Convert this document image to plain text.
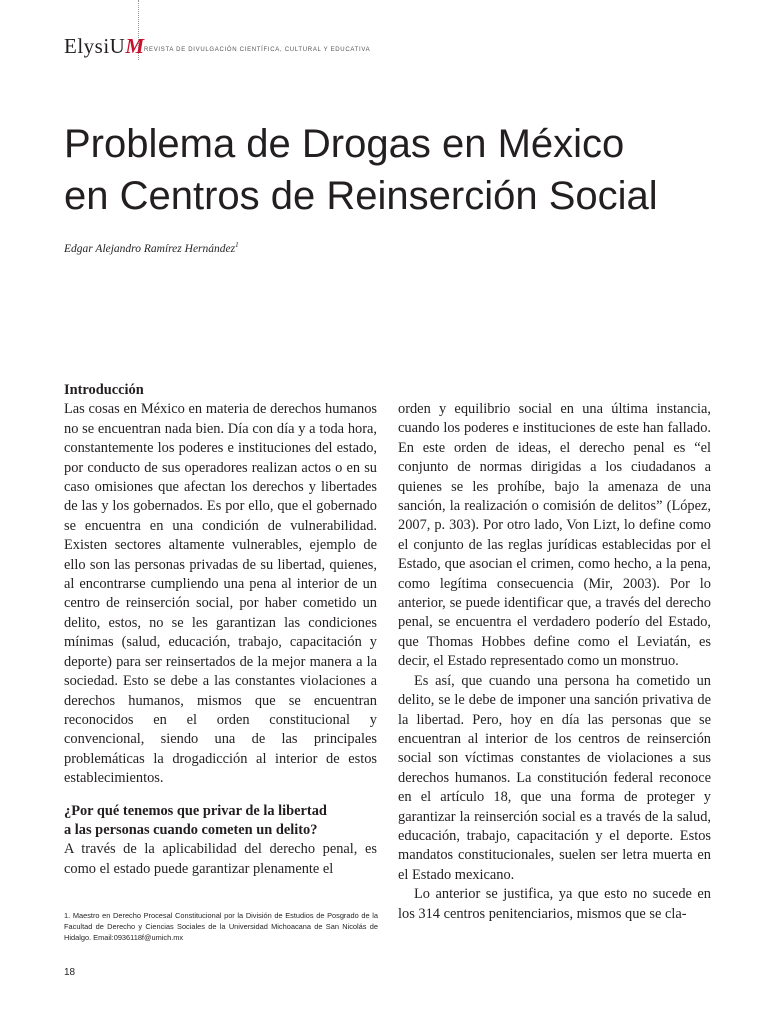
ElysiUM REVISTA DE DIVULGACIÓN CIENTÍFICA, CULTURAL Y EDUCATIVA
Problema de Drogas en México
en Centros de Reinserción Social
Edgar Alejandro Ramírez Hernández$^1$

Introducción

Las cosas en México en materia de derechos humanos no se encuentran nada bien. Día con día y a toda hora, constantemente los poderes e instituciones del estado, por conducto de sus operadores realizan actos o en su caso omisiones que afectan los derechos y libertades de las y los gobernados. Es por ello, que el gobernado se encuentra en una condición de vulnerabilidad. Existen sectores altamente vulnerables, ejemplo de ello son las personas privadas de su libertad, quienes, al encontrarse cumpliendo una pena al interior de un centro de reinserción social, por haber cometido un delito, estos, no se les garantizan las condiciones mínimas (salud, educación, trabajo, capacitación y deporte) para ser reinsertados de la mejor manera a la sociedad. Esto se debe a las constantes violaciones a derechos humanos, mismos que se encuentran reconocidos en el orden constitucional y convencional, siendo una de las principales problemáticas la drogadicción al interior de estos establecimientos.

¿Por qué tenemos que privar de la libertad
a las personas cuando cometen un delito?

A través de la aplicabilidad del derecho penal, es como el estado puede garantizar plenamente el

orden y equilibrio social en una última instancia, cuando los poderes e instituciones de este han fallado. En este orden de ideas, el derecho penal es “el conjunto de normas dirigidas a los ciudadanos a quienes se les prohíbe, bajo la amenaza de una sanción, la realización o comisión de delitos” (López, 2007, p. 303). Por otro lado, Von Lizt, lo define como el conjunto de las reglas jurídicas establecidas por el Estado, que asocian el crimen, como hecho, a la pena, como legítima consecuencia (Mir, 2003). Por lo anterior, se puede identificar que, a través del derecho penal, se encuentra el verdadero poderío del Estado, que Thomas Hobbes define como el Leviatán, es decir, el Estado representado como un monstruo.

Es así, que cuando una persona ha cometido un delito, se le debe de imponer una sanción privativa de la libertad. Pero, hoy en día las personas que se encuentran al interior de los centros de reinserción social son víctimas constantes de violaciones a sus derechos humanos. La constitución federal reconoce en el artículo 18, que una forma de proteger y garantizar la reinserción social es a través de la salud, educación, trabajo, capacitación y el deporte. Estos mandatos constitucionales, suelen ser letra muerta en el Estado mexicano.

Lo anterior se justifica, ya que esto no sucede en los 314 centros penitenciarios, mismos que se cla-

1. Maestro en Derecho Procesal Constitucional por la División de Estudios de Posgrado de la Facultad de Derecho y Ciencias Sociales de la Universidad Michoacana de San Nicolás de Hidalgo. Email:0936118f@umich.mx

18
